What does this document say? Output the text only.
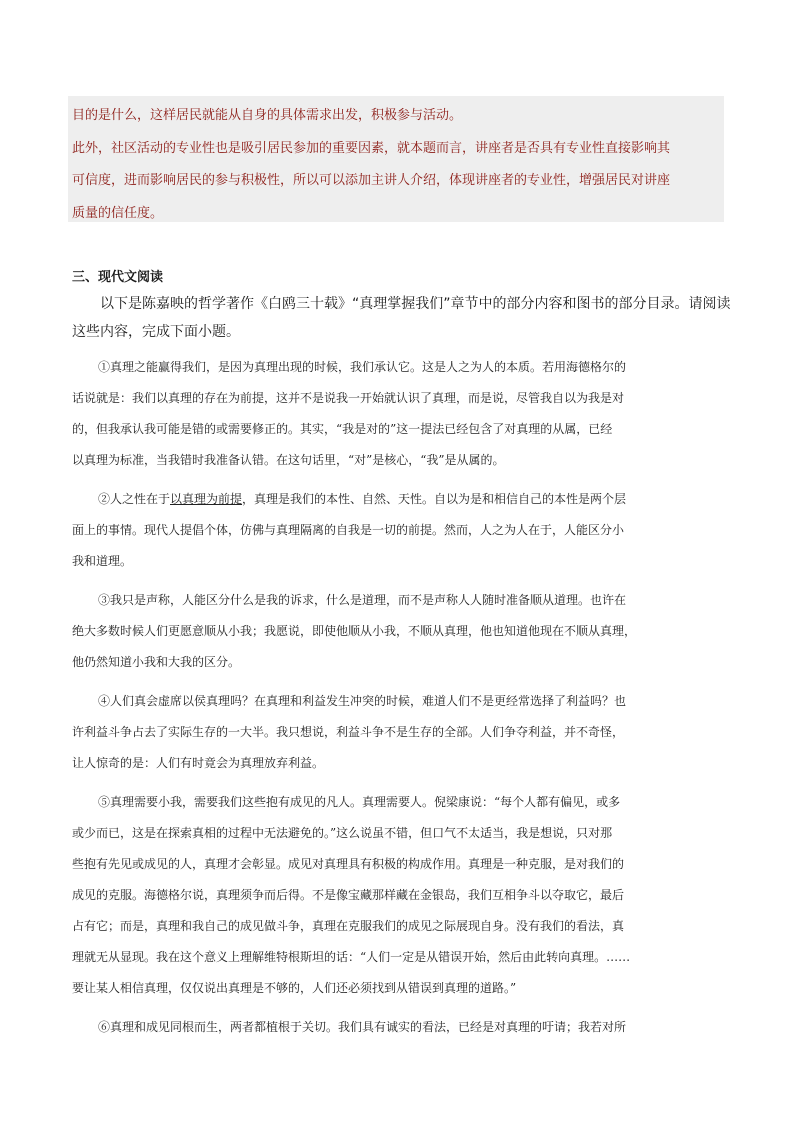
目的是什么，这样居民就能从自身的具体需求出发，积极参与活动。

此外，社区活动的专业性也是吸引居民参加的重要因素，就本题而言，讲座者是否具有专业性直接影响其

可信度，进而影响居民的参与积极性，所以可以添加主讲人介绍，体现讲座者的专业性，增强居民对讲座

质量的信任度。

三、现代文阅读
以下是陈嘉映的哲学著作《白鸥三十载》“真理掌握我们”章节中的部分内容和图书的部分目录。请阅读
这些内容，完成下面小题。
①真理之能赢得我们，是因为真理出现的时候，我们承认它。这是人之为人的本质。若用海德格尔的
话说就是：我们以真理的存在为前提，这并不是说我一开始就认识了真理，而是说，尽管我自以为我是对
的，但我承认我可能是错的或需要修正的。其实，“我是对的”这一提法已经包含了对真理的从属，已经
以真理为标准，当我错时我准备认错。在这句话里，“对”是核心，“我”是从属的。
②人之性在于以真理为前提，真理是我们的本性、自然、天性。自以为是和相信自己的本性是两个层
面上的事情。现代人提倡个体，仿佛与真理隔离的自我是一切的前提。然而，人之为人在于，人能区分小
我和道理。
③我只是声称，人能区分什么是我的诉求，什么是道理，而不是声称人人随时准备顺从道理。也许在
绝大多数时候人们更愿意顺从小我；我愿说，即使他顺从小我，不顺从真理，他也知道他现在不顺从真理，
他仍然知道小我和大我的区分。
④人们真会虚席以侯真理吗？在真理和利益发生冲突的时候，难道人们不是更经常选择了利益吗？也
许利益斗争占去了实际生存的一大半。我只想说，利益斗争不是生存的全部。人们争夺利益，并不奇怪，
让人惊奇的是：人们有时竟会为真理放弃利益。
⑤真理需要小我，需要我们这些抱有成见的凡人。真理需要人。倪梁康说：“每个人都有偏见，或多
或少而已，这是在探索真相的过程中无法避免的。”这么说虽不错，但口气不太适当，我是想说，只对那
些抱有先见或成见的人，真理才会彰显。成见对真理具有积极的构成作用。真理是一种克服，是对我们的
成见的克服。海德格尔说，真理须争而后得。不是像宝藏那样藏在金银岛，我们互相争斗以夺取它，最后
占有它；而是，真理和我自己的成见做斗争，真理在克服我们的成见之际展现自身。没有我们的看法，真
理就无从显现。我在这个意义上理解维特根斯坦的话：“人们一定是从错误开始，然后由此转向真理。……
要让某人相信真理，仅仅说出真理是不够的，人们还必须找到从错误到真理的道路。”
⑥真理和成见同根而生，两者都植根于关切。我们具有诚实的看法，已经是对真理的吁请；我若对所
